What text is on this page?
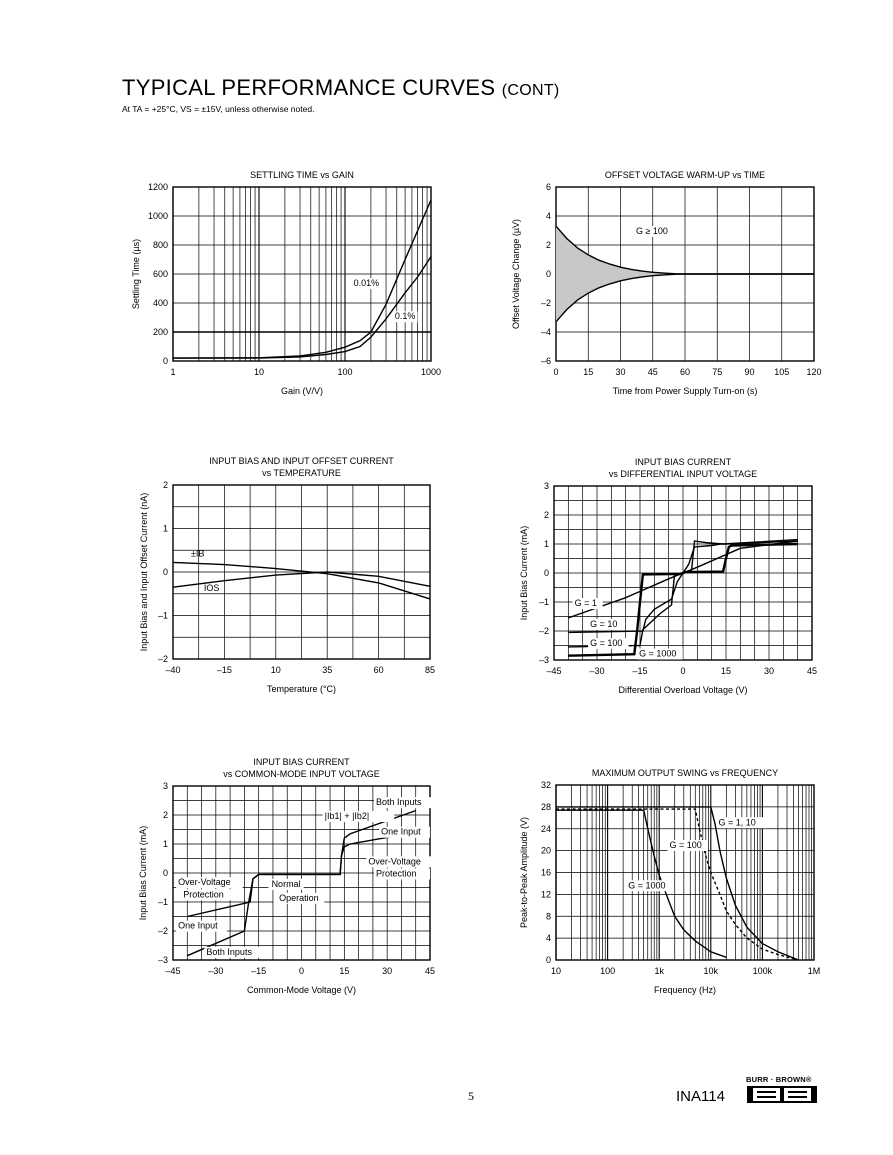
TYPICAL PERFORMANCE CURVES (CONT)
At TA = +25°C, VS = ±15V, unless otherwise noted.
1	10	100	1000
0
200
400
600
800
1000
1200
SETTLING TIME vs GAIN
Gain (V/V)
Settling Time (µs)	0.01%
0.1%
0	15 30 45 60 75 90 105 120
–6
–4
–2
0
2
4
6
OFFSET VOLTAGE WARM-UP vs TIME
Time from Power Supply Turn-on (s)
Offset Voltage Change (µV)	G ≥ 100
–40	–15	10	35	60	85
–2
–1
0
1
2
INPUT BIAS AND INPUT OFFSET CURRENT
vs TEMPERATURE
Temperature (°C)
Input Bias and Input Offset Current (nA)	±IB
IOS
–45	–30	–15	0	15	30	45
–3
–2
–1
0
1
2
3
INPUT BIAS CURRENT
vs DIFFERENTIAL INPUT VOLTAGE
Differential Overload Voltage (V)
Input Bias Current (mA)	G = 1
G = 10
G = 100
G = 1000
–45	–30	–15	0	15	30	45
–3
–2
–1
0
1
2
3
INPUT BIAS CURRENT
vs COMMON-MODE INPUT VOLTAGE
Common-Mode Voltage (V)
Input Bias Current (mA)
Both Inputs
|Ib1| + |Ib2|
One Input
Over-Voltage
Protection
Over-Voltage
Protection
Normal
Operation
One Input
Both Inputs
10	100	1k	10k	100k	1M
0
4
8
12
16
20
24
28
32
MAXIMUM OUTPUT SWING vs FREQUENCY
Frequency (Hz)
Peak-to-Peak Amplitude (V)	G = 1, 10
G = 100
G = 1000
5	INA114
BURR · BROWN®
